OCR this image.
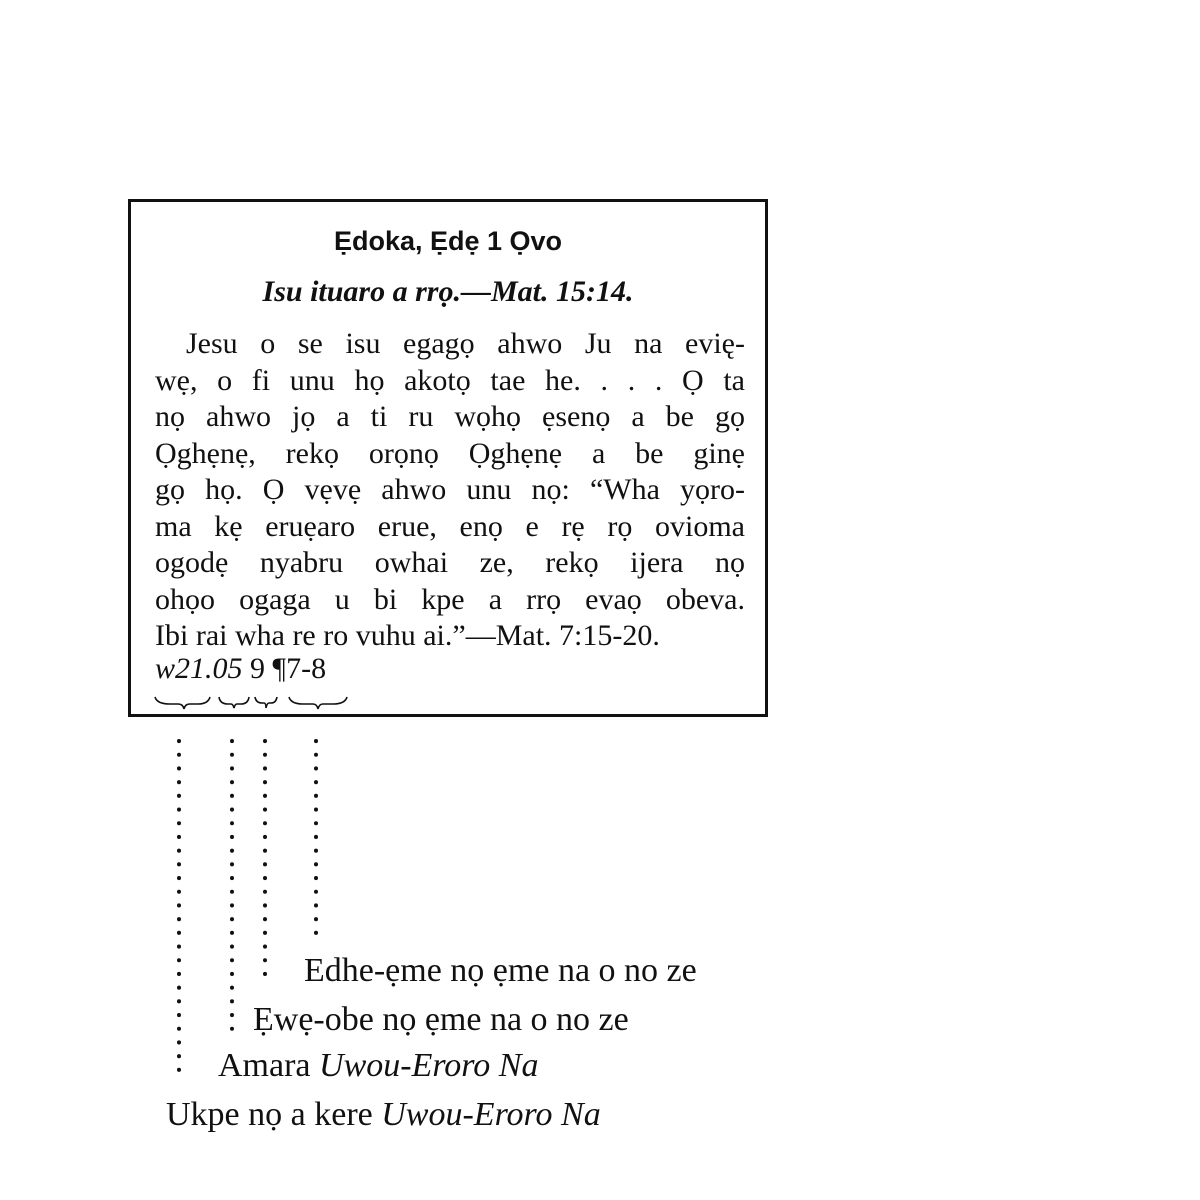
Ẹdoka, Ẹdẹ 1 Ọvo
Isu ituaro a rrọ.—Mat. 15:14.
Jesu o se isu egagọ ahwo Ju na evię-
wẹ, o fi unu họ akotọ tae he. . . . Ọ ta
nọ ahwo jọ a ti ru wọhọ ẹsenọ a be gọ
Ọghẹnẹ, rekọ orọnọ Ọghẹnẹ a be ginẹ
gọ họ. Ọ vẹvẹ ahwo unu nọ: “Wha yọro-
ma kẹ eruẹaro erue, enọ e rẹ rọ ovioma
ogodẹ nyabru owhai ze, rekọ ijera nọ
ohọo ogaga u bi kpe a rrọ evaọ obeva.
Ibi rai wha re ro vuhu ai.”—Mat. 7:15-20.
w21.05 9 ¶7-8
Edhe-ẹme nọ ẹme na o no ze
Ẹwẹ-obe nọ ẹme na o no ze
Amara Uwou-Eroro Na
Ukpe nọ a kere Uwou-Eroro Na
